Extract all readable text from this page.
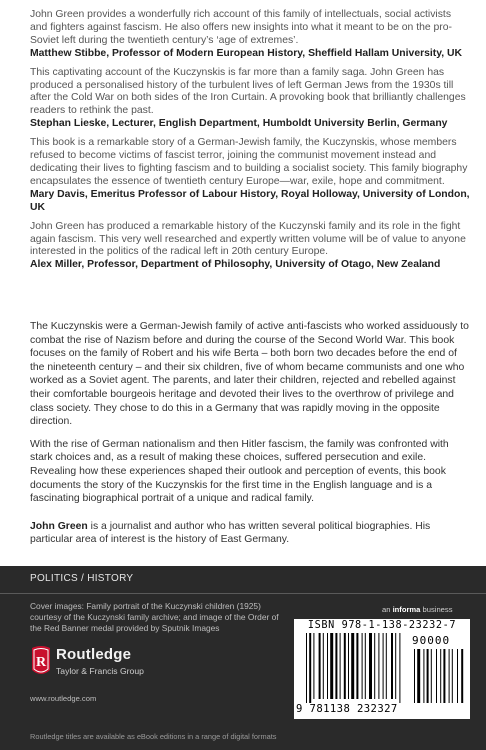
John Green provides a wonderfully rich account of this family of intellectuals, social activists and fighters against fascism. He also offers new insights into what it meant to be on the pro-Soviet left during the twentieth century’s ‘age of extremes’.

Matthew Stibbe, Professor of Modern European History, Sheffield Hallam University, UK

This captivating account of the Kuczynskis is far more than a family saga. John Green has produced a personalised history of the turbulent lives of left German Jews from the 1930s till after the Cold War on both sides of the Iron Curtain. A provoking book that brilliantly challenges readers to rethink the past.

Stephan Lieske, Lecturer, English Department, Humboldt University Berlin, Germany

This book is a remarkable story of a German-Jewish family, the Kuczynskis, whose members refused to become victims of fascist terror, joining the communist movement instead and dedicating their lives to fighting fascism and to building a socialist society. This family biography encapsulates the essence of twentieth century Europe—war, exile, hope and commitment.

Mary Davis, Emeritus Professor of Labour History, Royal Holloway, University of London, UK

John Green has produced a remarkable history of the Kuczynski family and its role in the fight again fascism. This very well researched and expertly written volume will be of value to anyone interested in the politics of the radical left in 20th century Europe.

Alex Miller, Professor, Department of Philosophy, University of Otago, New Zealand

The Kuczynskis were a German-Jewish family of active anti-fascists who worked assiduously to combat the rise of Nazism before and during the course of the Second World War. This book focuses on the family of Robert and his wife Berta – both born two decades before the end of the nineteenth century – and their six children, five of whom became communists and one who worked as a Soviet agent. The parents, and later their children, rejected and rebelled against their comfortable bourgeois heritage and devoted their lives to the overthrow of privilege and class society. They chose to do this in a Germany that was rapidly moving in the opposite direction.

With the rise of German nationalism and then Hitler fascism, the family was confronted with stark choices and, as a result of making these choices, suffered persecution and exile. Revealing how these experiences shaped their outlook and perception of events, this book documents the story of the Kuczynskis for the first time in the English language and is a fascinating biographical portrait of a unique and radical family.

John Green is a journalist and author who has written several political biographies. His particular area of interest is the history of East Germany.

POLITICS / HISTORY
Cover images: Family portrait of the Kuczynski children (1925) courtesy of the Kuczynski family archive; and image of the Order of the Red Banner medal provided by Sputnik Images
R Routledge
Taylor & Francis Group
www.routledge.com
Routledge titles are available as eBook editions in a range of digital formats
an informa business
ISBN 978-1-138-23232-7
90000
9 781138 232327
